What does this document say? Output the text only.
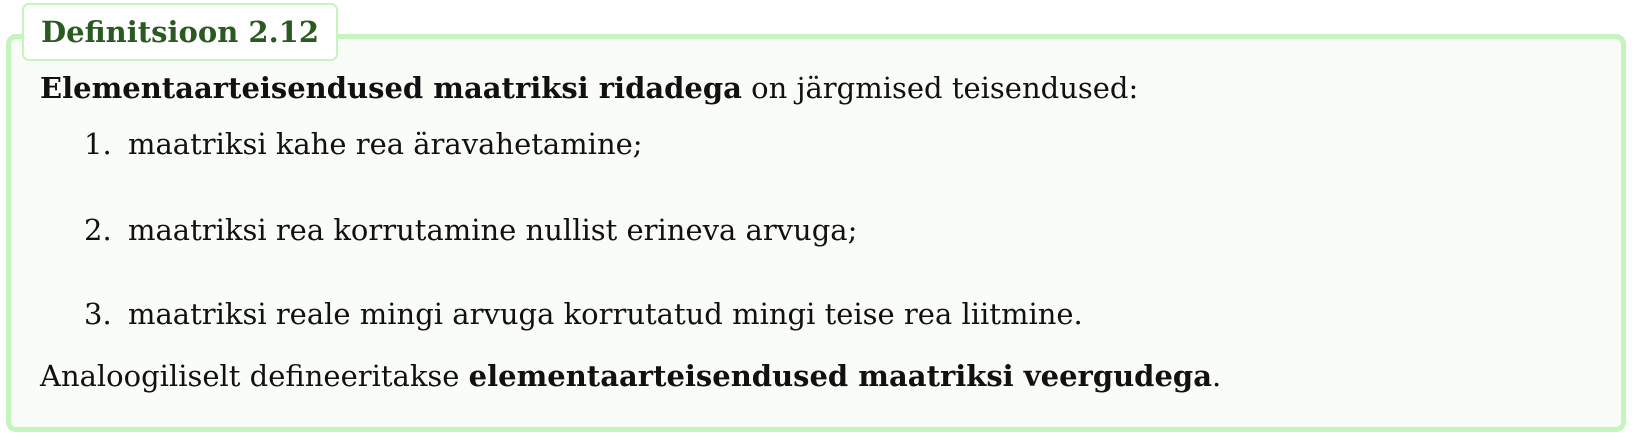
Definitsioon 2.12
Elementaarteisendused maatriksi ridadega on järgmised teisendused:
1. maatriksi kahe rea äravahetamine;
2. maatriksi rea korrutamine nullist erineva arvuga;
3. maatriksi reale mingi arvuga korrutatud mingi teise rea liitmine.
Analoogiliselt defineeritakse elementaarteisendused maatriksi veergudega.
